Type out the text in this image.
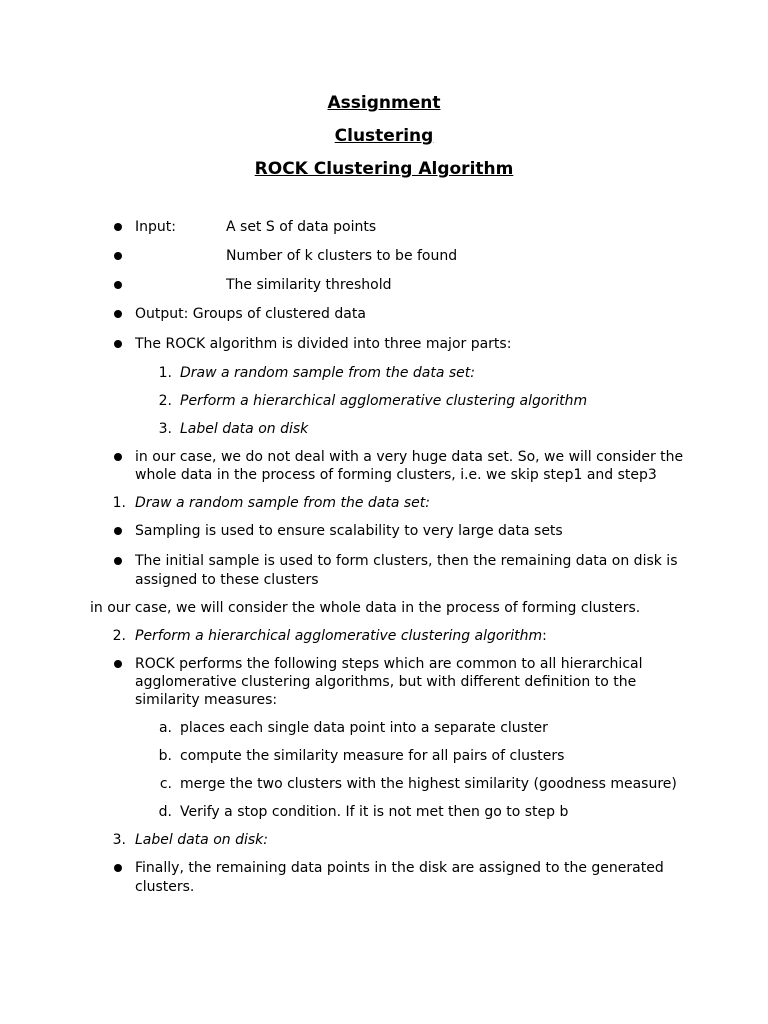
Assignment
Clustering
ROCK Clustering Algorithm
Input:	A set S of data points
Number of k clusters to be found
The similarity threshold
Output: Groups of clustered data
The ROCK algorithm is divided into three major parts:
1. Draw a random sample from the data set:
2. Perform a hierarchical agglomerative clustering algorithm
3. Label data on disk
in our case, we do not deal with a very huge data set. So, we will consider the
whole data in the process of forming clusters, i.e. we skip step1 and step3
1. Draw a random sample from the data set:
Sampling is used to ensure scalability to very large data sets
The initial sample is used to form clusters, then the remaining data on disk is
assigned to these clusters
in our case, we will consider the whole data in the process of forming clusters.
2. Perform a hierarchical agglomerative clustering algorithm:
ROCK performs the following steps which are common to all hierarchical
agglomerative clustering algorithms, but with different definition to the
similarity measures:
a. places each single data point into a separate cluster
b. compute the similarity measure for all pairs of clusters
c. merge the two clusters with the highest similarity (goodness measure)
d. Verify a stop condition. If it is not met then go to step b
3. Label data on disk:
Finally, the remaining data points in the disk are assigned to the generated
clusters.
